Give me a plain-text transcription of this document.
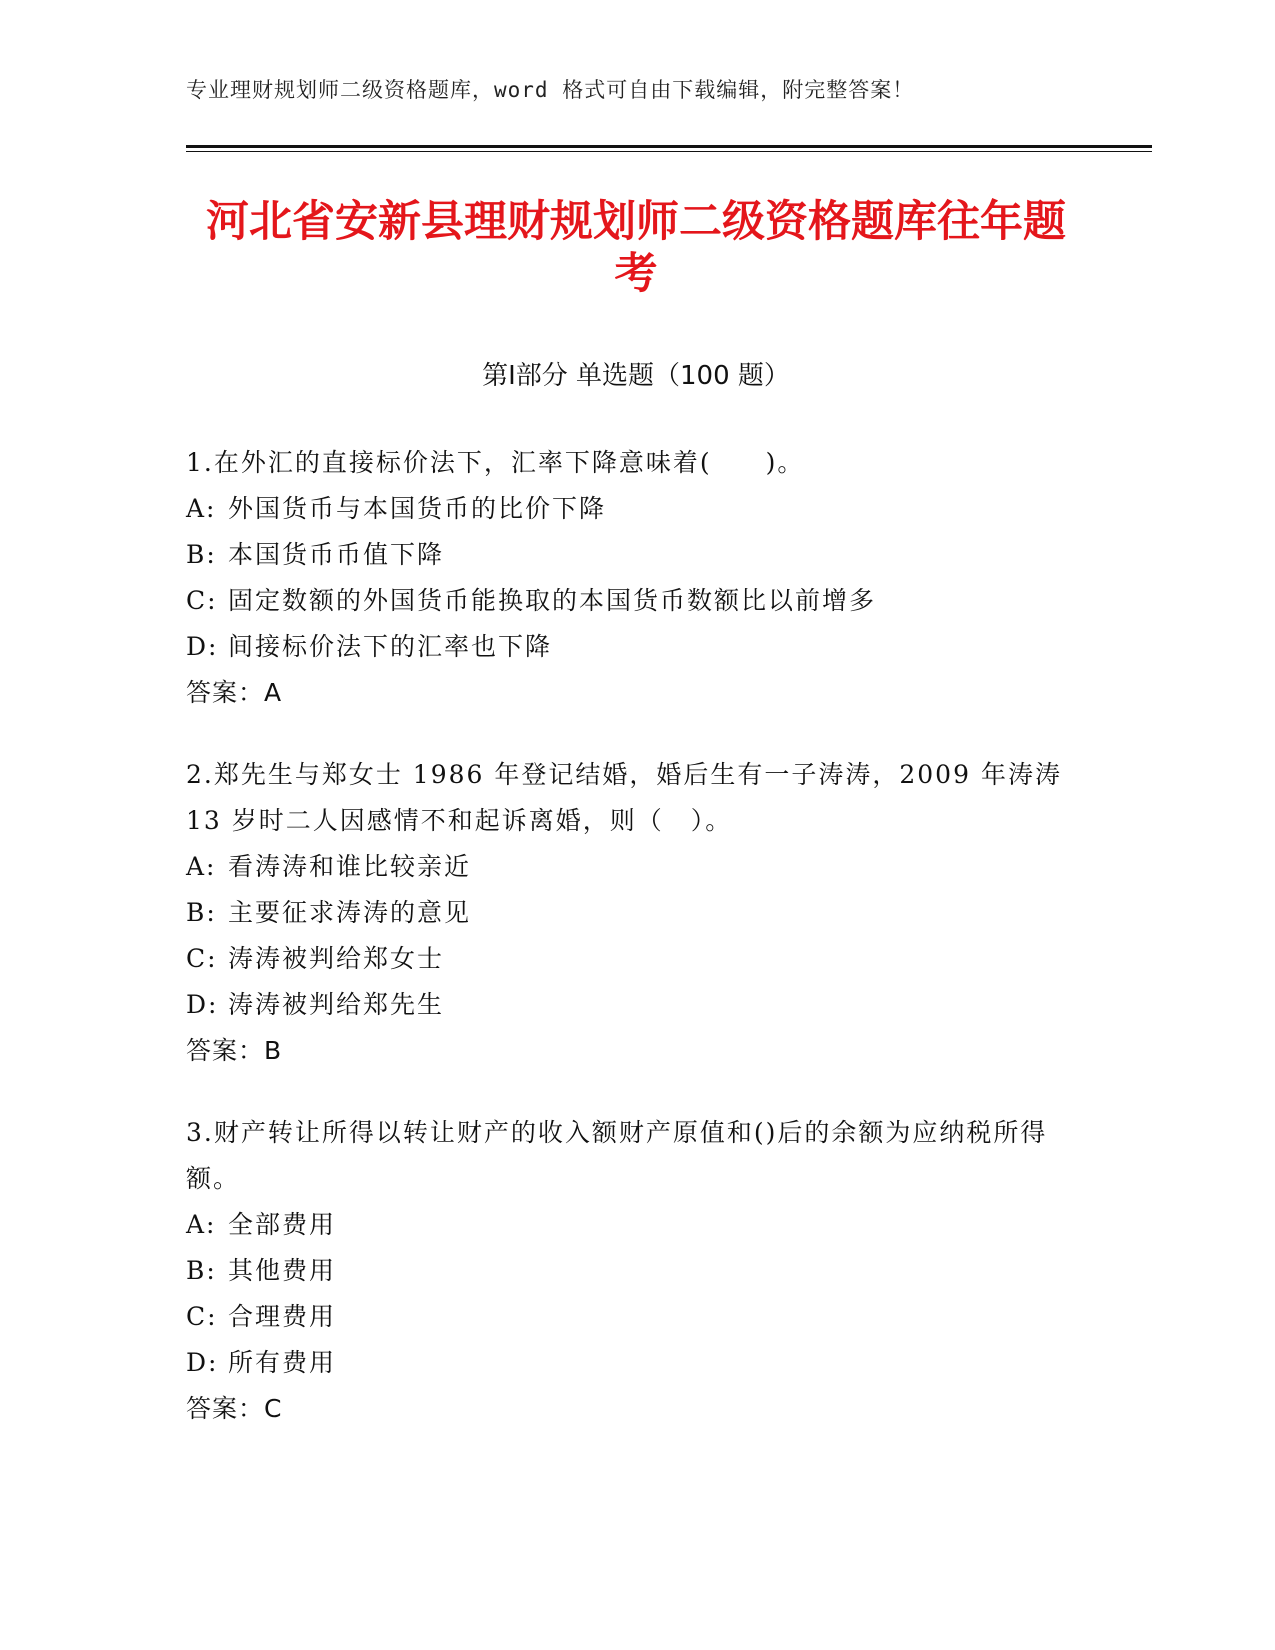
专业理财规划师二级资格题库，word 格式可自由下载编辑，附完整答案！
河北省安新县理财规划师二级资格题库往年题考
第Ⅰ部分 单选题（100 题）
1.在外汇的直接标价法下，汇率下降意味着(　　)。
A: 外国货币与本国货币的比价下降
B: 本国货币币值下降
C: 固定数额的外国货币能换取的本国货币数额比以前增多
D: 间接标价法下的汇率也下降
答案：A
2.郑先生与郑女士 1986 年登记结婚，婚后生有一子涛涛，2009 年涛涛 13 岁时二人因感情不和起诉离婚，则（　）。
A: 看涛涛和谁比较亲近
B: 主要征求涛涛的意见
C: 涛涛被判给郑女士
D: 涛涛被判给郑先生
答案：B
3.财产转让所得以转让财产的收入额财产原值和()后的余额为应纳税所得额。
A: 全部费用
B: 其他费用
C: 合理费用
D: 所有费用
答案：C
